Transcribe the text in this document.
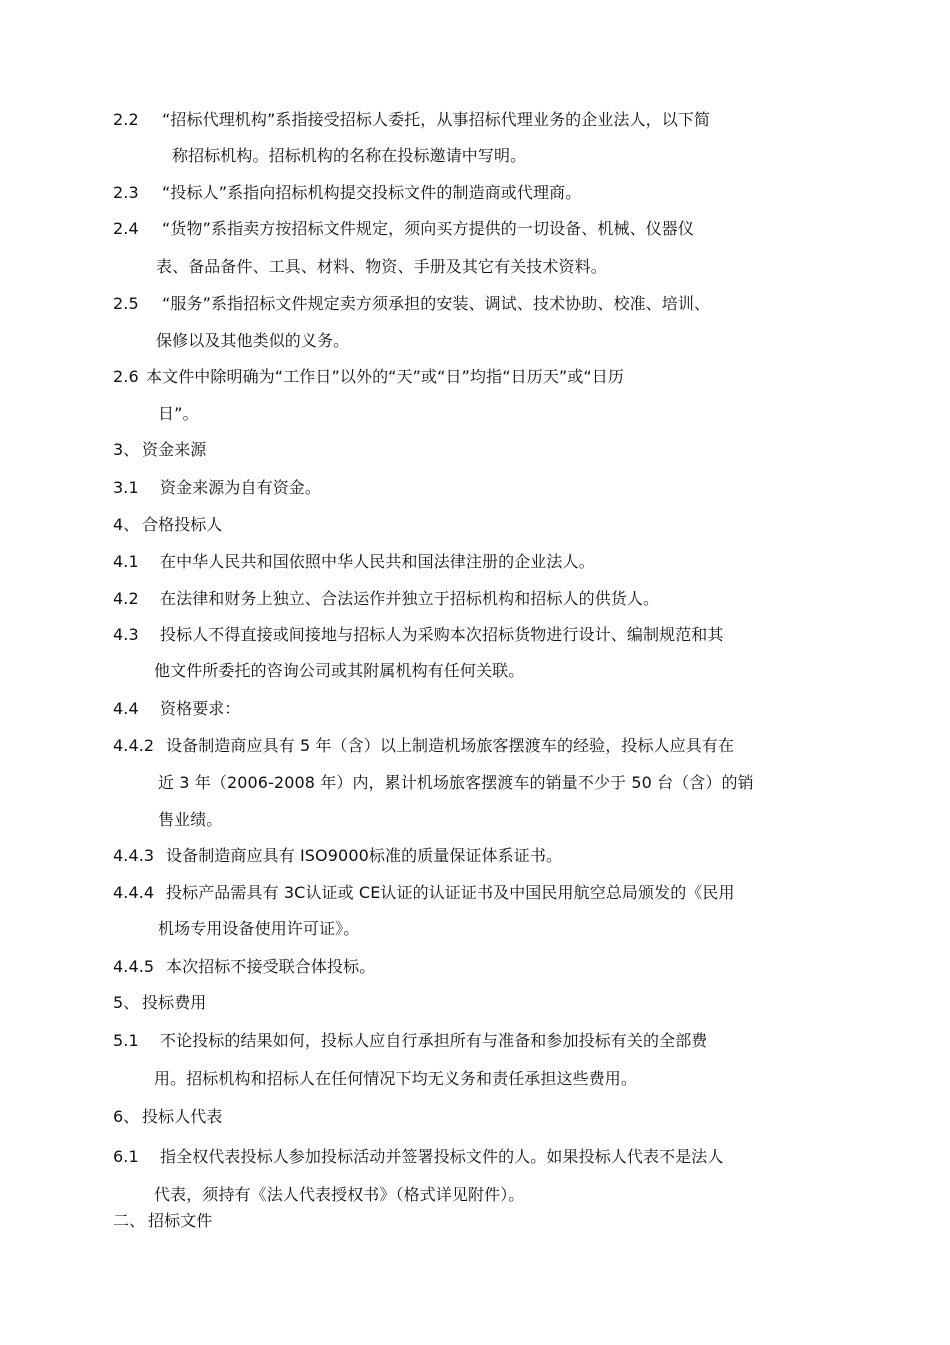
2.2 “招标代理机构”系指接受招标人委托，从事招标代理业务的企业法人，以下简
称招标机构。招标机构的名称在投标邀请中写明。
2.3 “投标人”系指向招标机构提交投标文件的制造商或代理商。
2.4 “货物”系指卖方按招标文件规定，须向买方提供的一切设备、机械、仪器仪
表、备品备件、工具、材料、物资、手册及其它有关技术资料。
2.5 “服务”系指招标文件规定卖方须承担的安装、调试、技术协助、校准、培训、
保修以及其他类似的义务。
2.6 本文件中除明确为“工作日”以外的“天”或“日”均指“日历天”或“日历
日”。
3、 资金来源
3.1 资金来源为自有资金。
4、 合格投标人
4.1 在中华人民共和国依照中华人民共和国法律注册的企业法人。
4.2 在法律和财务上独立、合法运作并独立于招标机构和招标人的供货人。
4.3 投标人不得直接或间接地与招标人为采购本次招标货物进行设计、编制规范和其
他文件所委托的咨询公司或其附属机构有任何关联。
4.4 资格要求：
4.4.2 设备制造商应具有 5 年（含）以上制造机场旅客摆渡车的经验，投标人应具有在
近 3 年（2006-2008 年）内，累计机场旅客摆渡车的销量不少于 50 台（含）的销
售业绩。
4.4.3 设备制造商应具有 ISO9000标准的质量保证体系证书。
4.4.4 投标产品需具有 3C认证或 CE认证的认证证书及中国民用航空总局颁发的《民用
机场专用设备使用许可证》。
4.4.5 本次招标不接受联合体投标。
5、 投标费用
5.1 不论投标的结果如何，投标人应自行承担所有与准备和参加投标有关的全部费
用。招标机构和招标人在任何情况下均无义务和责任承担这些费用。
6、 投标人代表
6.1 指全权代表投标人参加投标活动并签署投标文件的人。如果投标人代表不是法人
代表，须持有《法人代表授权书》（格式详见附件）。
二、 招标文件
